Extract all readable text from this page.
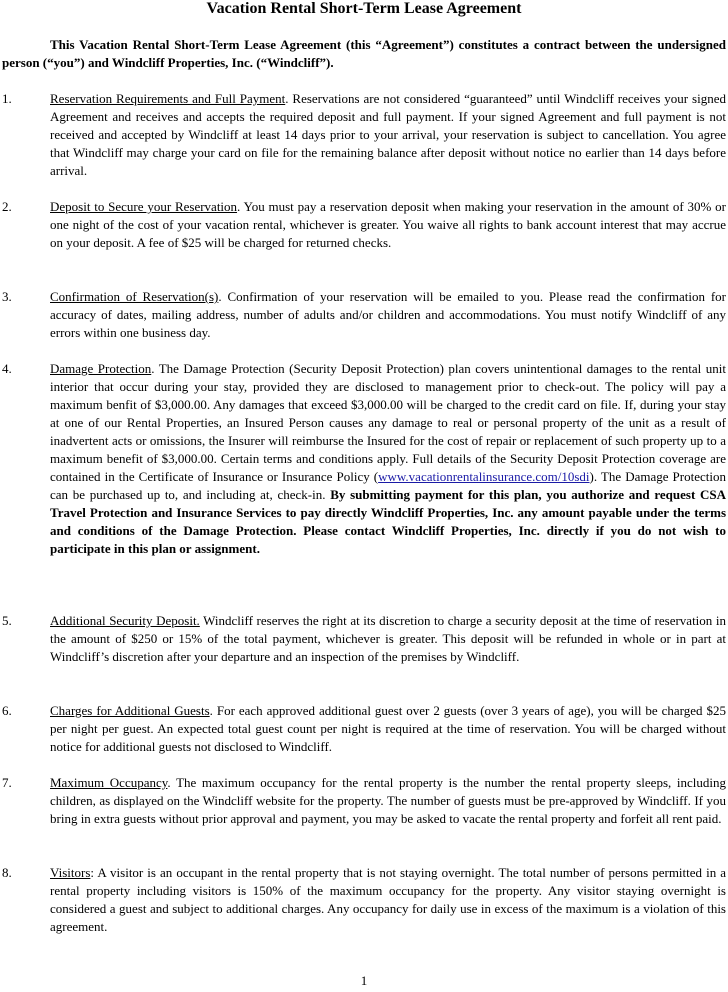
Vacation Rental Short-Term Lease Agreement

This Vacation Rental Short-Term Lease Agreement (this “Agreement”) constitutes a contract between the undersigned person (“you”) and Windcliff Properties, Inc. (“Windcliff”).

1.	Reservation Requirements and Full Payment. Reservations are not considered “guaranteed” until Windcliff receives your signed Agreement and receives and accepts the required deposit and full payment. If your signed Agreement and full payment is not received and accepted by Windcliff at least 14 days prior to your arrival, your reservation is subject to cancellation. You agree that Windcliff may charge your card on file for the remaining balance after deposit without notice no earlier than 14 days before arrival.

2.	Deposit to Secure your Reservation. You must pay a reservation deposit when making your reservation in the amount of 30% or one night of the cost of your vacation rental, whichever is greater. You waive all rights to bank account interest that may accrue on your deposit. A fee of $25 will be charged for returned checks.

3.	Confirmation of Reservation(s). Confirmation of your reservation will be emailed to you. Please read the confirmation for accuracy of dates, mailing address, number of adults and/or children and accommodations. You must notify Windcliff of any errors within one business day.

4.	Damage Protection. The Damage Protection (Security Deposit Protection) plan covers unintentional damages to the rental unit interior that occur during your stay, provided they are disclosed to management prior to check-out. The policy will pay a maximum benfit of $3,000.00. Any damages that exceed $3,000.00 will be charged to the credit card on file. If, during your stay at one of our Rental Properties, an Insured Person causes any damage to real or personal property of the unit as a result of inadvertent acts or omissions, the Insurer will reimburse the Insured for the cost of repair or replacement of such property up to a maximum benefit of $3,000.00. Certain terms and conditions apply. Full details of the Security Deposit Protection coverage are contained in the Certificate of Insurance or Insurance Policy (www.vacationrentalinsurance.com/10sdi). The Damage Protection can be purchased up to, and including at, check-in. By submitting payment for this plan, you authorize and request CSA Travel Protection and Insurance Services to pay directly Windcliff Properties, Inc. any amount payable under the terms and conditions of the Damage Protection. Please contact Windcliff Properties, Inc. directly if you do not wish to participate in this plan or assignment.

5.	Additional Security Deposit. Windcliff reserves the right at its discretion to charge a security deposit at the time of reservation in the amount of $250 or 15% of the total payment, whichever is greater. This deposit will be refunded in whole or in part at Windcliff’s discretion after your departure and an inspection of the premises by Windcliff.

6.	Charges for Additional Guests. For each approved additional guest over 2 guests (over 3 years of age), you will be charged $25 per night per guest. An expected total guest count per night is required at the time of reservation. You will be charged without notice for additional guests not disclosed to Windcliff.

7.	Maximum Occupancy. The maximum occupancy for the rental property is the number the rental property sleeps, including children, as displayed on the Windcliff website for the property. The number of guests must be pre-approved by Windcliff. If you bring in extra guests without prior approval and payment, you may be asked to vacate the rental property and forfeit all rent paid.

8.	Visitors: A visitor is an occupant in the rental property that is not staying overnight. The total number of persons permitted in a rental property including visitors is 150% of the maximum occupancy for the property. Any visitor staying overnight is considered a guest and subject to additional charges. Any occupancy for daily use in excess of the maximum is a violation of this agreement.

1
